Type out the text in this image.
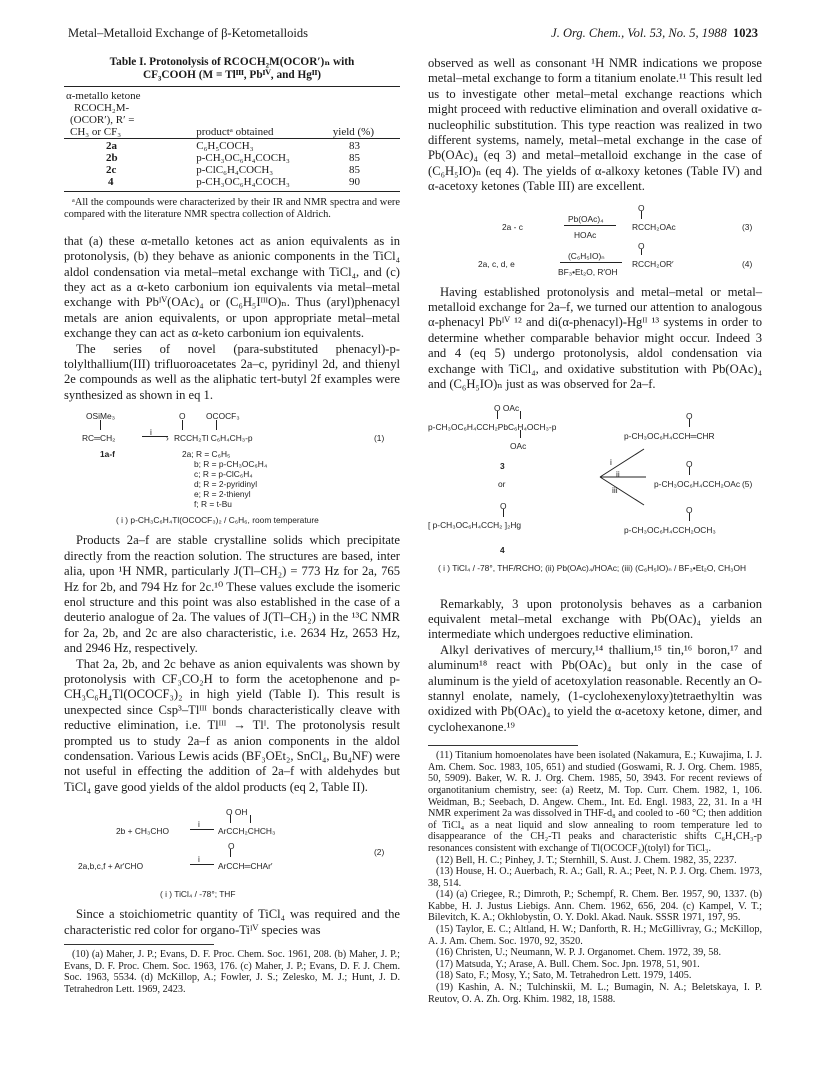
Metal–Metalloid Exchange of β-Ketometalloids	J. Org. Chem., Vol. 53, No. 5, 1988 1023
Table I. Protonolysis of RCOCH₂M(OCOR′)ₙ with
CF₃COOH (M = Tlᴵᴵᴵ, Pbᴵⱽ, and Hgᴵᴵ)
α-metallo ketone
RCOCH₂M-
(OCOR′), R′ =
CH₃ or CF₃	productᵃ obtained	yield (%)

2a	C₆H₅COCH₃	83
2b	p-CH₃OC₆H₄COCH₃	85
2c	p-ClC₆H₄COCH₃	85
4	p-CH₃OC₆H₄COCH₃	90

ᵃAll the compounds were characterized by their IR and NMR spectra and were compared with the literature NMR spectra collection of Aldrich.

that (a) these α-metallo ketones act as anion equivalents as in protonolysis, (b) they behave as anionic components in the TiCl₄ aldol condensation via metal–metal exchange with TiCl₄, and (c) they act as a α-keto carbonium ion equivalents via metal–metal exchange with Pbᴵⱽ(OAc)₄ or (C₆H₅IᴵᴵᴵO)ₙ. Thus (aryl)phenacyl metals are anion equivalents, or upon appropriate metal–metal exchange they can act as α-keto carbonium ion equivalents.

The series of novel (para-substituted phenacyl)-p-tolylthallium(III) trifluoroacetates 2a–c, pyridinyl 2d, and thienyl 2e compounds as well as the aliphatic tert-butyl 2f examples were synthesized as shown in eq 1.

OSiMe₃
RC═CH₂
i
›
O OCOCF₃
RCCH₂Tl C₆H₄CH₃-p	(1)
1a-f	2a; R = C₆H₅
b; R = p-CH₃OC₆H₄
c; R = p-ClC₆H₄
d; R = 2-pyridinyl
e; R = 2-thienyl
f; R = t-Bu
( i ) p-CH₃C₆H₄Tl(OCOCF₃)₂ / C₆H₆, room temperature

Products 2a–f are stable crystalline solids which precipitate directly from the reaction solution. The structures are based, inter alia, upon ¹H NMR, particularly J(Tl–CH₂) = 773 Hz for 2a, 765 Hz for 2b, and 794 Hz for 2c.¹⁰ These values exclude the isomeric enol structure and this point was also established in the case of a deuterio analogue of 2a. The values of J(Tl–CH₂) in the ¹³C NMR for 2a, 2b, and 2c are also characteristic, i.e. 2634 Hz, 2653 Hz, and 2946 Hz, respectively.

That 2a, 2b, and 2c behave as anion equivalents was shown by protonolysis with CF₃CO₂H to form the acetophenone and p-CH₃C₆H₄Tl(OCOCF₃)₂ in high yield (Table I). This result is unexpected since Csp³–Tlᴵᴵᴵ bonds characteristically cleave with reductive elimination, i.e. Tlᴵᴵᴵ → Tlᴵ. The protonolysis result prompted us to study 2a–f as anion components in the aldol condensation. Various Lewis acids (BF₃OEt₂, SnCl₄, Bu₄NF) were not useful in effecting the addition of 2a–f with aldehydes but TiCl₄ gave good yields of the aldol products (eq 2, Table II).

O OH
2b + CH₃CHO
i
ArCCH₂CHCH₃
O
(2)
2a,b,c,f + Ar′CHO
i
ArCCH═CHAr′
( i ) TiCl₄ / -78°; THF

Since a stoichiometric quantity of TiCl₄ was required and the characteristic red color for organo-Tiᴵⱽ species was

(10) (a) Maher, J. P.; Evans, D. F. Proc. Chem. Soc. 1961, 208. (b) Maher, J. P.; Evans, D. F. Proc. Chem. Soc. 1963, 176. (c) Maher, J. P.; Evans, D. F. J. Chem. Soc. 1963, 5534. (d) McKillop, A.; Fowler, J. S.; Zelesko, M. J.; Hunt, J. D. Tetrahedron Lett. 1969, 2423.

observed as well as consonant ¹H NMR indications we propose metal–metal exchange to form a titanium enolate.¹¹ This result led us to investigate other metal–metal exchange reactions which might proceed with reductive elimination and overall oxidative α-nucleophilic substitution. This type reaction was realized in two different systems, namely, metal–metal exchange in the case of Pb(OAc)₄ (eq 3) and metal–metalloid exchange in the case of (C₆H₅IO)ₙ (eq 4). The yields of α-alkoxy ketones (Table IV) and α-acetoxy ketones (Table III) are excellent.

O
2a - c
Pb(OAc)₄
HOAc
RCCH₂OAc	(3)
O
2a, c, d, e
(C₆H₅IO)ₙ
BF₃•Et₂O, R′OH
RCCH₂OR′	(4)

Having established protonolysis and metal–metal or metal–metalloid exchange for 2a–f, we turned our attention to analogous α-phenacyl Pbᴵⱽ ¹² and di(α-phenacyl)-Hgᴵᴵ ¹³ systems in order to determine whether comparable behavior might occur. Indeed 3 and 4 (eq 5) undergo protonolysis, aldol condensation via exchange with TiCl₄, and oxidative substitution with Pb(OAc)₄ and (C₆H₅IO)ₙ just as was observed for 2a–f.

O OAc
p-CH₃OC₆H₄CCH₂PbC₆H₄OCH₃-p
OAc
3
or
O
[ p-CH₃OC₆H₄CCH₂ ]₂Hg
4
i
ii
iii
O
p-CH₃OC₆H₄CCH═CHR
O
p-CH₃OC₆H₄CCH₂OAc (5)
O
p-CH₃OC₆H₄CCH₂OCH₃
( i ) TiCl₄ / -78°, THF/RCHO; (ii) Pb(OAc)₄/HOAc; (iii) (C₆H₅IO)ₙ / BF₃•Et₂O, CH₃OH

Remarkably, 3 upon protonolysis behaves as a carbanion equivalent metal–metal exchange with Pb(OAc)₄ yields an intermediate which undergoes reductive elimination.

Alkyl derivatives of mercury,¹⁴ thallium,¹⁵ tin,¹⁶ boron,¹⁷ and aluminum¹⁸ react with Pb(OAc)₄ but only in the case of aluminum is the yield of acetoxylation reasonable. Recently an O-stannyl enolate, namely, (1-cyclohexenyloxy)tetraethyltin was oxidized with Pb(OAc)₄ to yield the α-acetoxy ketone, dimer, and cyclohexanone.¹⁹

(11) Titanium homoenolates have been isolated (Nakamura, E.; Kuwajima, I. J. Am. Chem. Soc. 1983, 105, 651) and studied (Goswami, R. J. Org. Chem. 1985, 50, 5909). Baker, W. R. J. Org. Chem. 1985, 50, 3943. For recent reviews of organotitanium chemistry, see: (a) Reetz, M. Top. Curr. Chem. 1982, 1, 106. Weidman, B.; Seebach, D. Angew. Chem., Int. Ed. Engl. 1983, 22, 31. In a ¹H NMR experiment 2a was dissolved in THF-d₈ and cooled to -60 °C; then addition of TiCl₄ as a neat liquid and slow annealing to room temperature led to disappearance of the CH₂-Tl peaks and characteristic shifts C₆H₄CH₃-p resonances consistent with exchange of Tl(OCOCF₃)(tolyl) for TiCl₃.
(12) Bell, H. C.; Pinhey, J. T.; Sternhill, S. Aust. J. Chem. 1982, 35, 2237.
(13) House, H. O.; Auerbach, R. A.; Gall, R. A.; Peet, N. P. J. Org. Chem. 1973, 38, 514.
(14) (a) Criegee, R.; Dimroth, P.; Schempf, R. Chem. Ber. 1957, 90, 1337. (b) Kabbe, H. J. Justus Liebigs. Ann. Chem. 1962, 656, 204. (c) Kampel, V. T.; Bilevitch, K. A.; Okhlobystin, O. Y. Dokl. Akad. Nauk. SSSR 1971, 197, 95.
(15) Taylor, E. C.; Altland, H. W.; Danforth, R. H.; McGillivray, G.; McKillop, A. J. Am. Chem. Soc. 1970, 92, 3520.
(16) Christen, U.; Neumann, W. P. J. Organomet. Chem. 1972, 39, 58.
(17) Matsuda, Y.; Arase, A. Bull. Chem. Soc. Jpn. 1978, 51, 901.
(18) Sato, F.; Mosy, Y.; Sato, M. Tetrahedron Lett. 1979, 1405.
(19) Kashin, A. N.; Tulchinskii, M. L.; Bumagin, N. A.; Beletskaya, I. P. Reutov, O. A. Zh. Org. Khim. 1982, 18, 1588.
